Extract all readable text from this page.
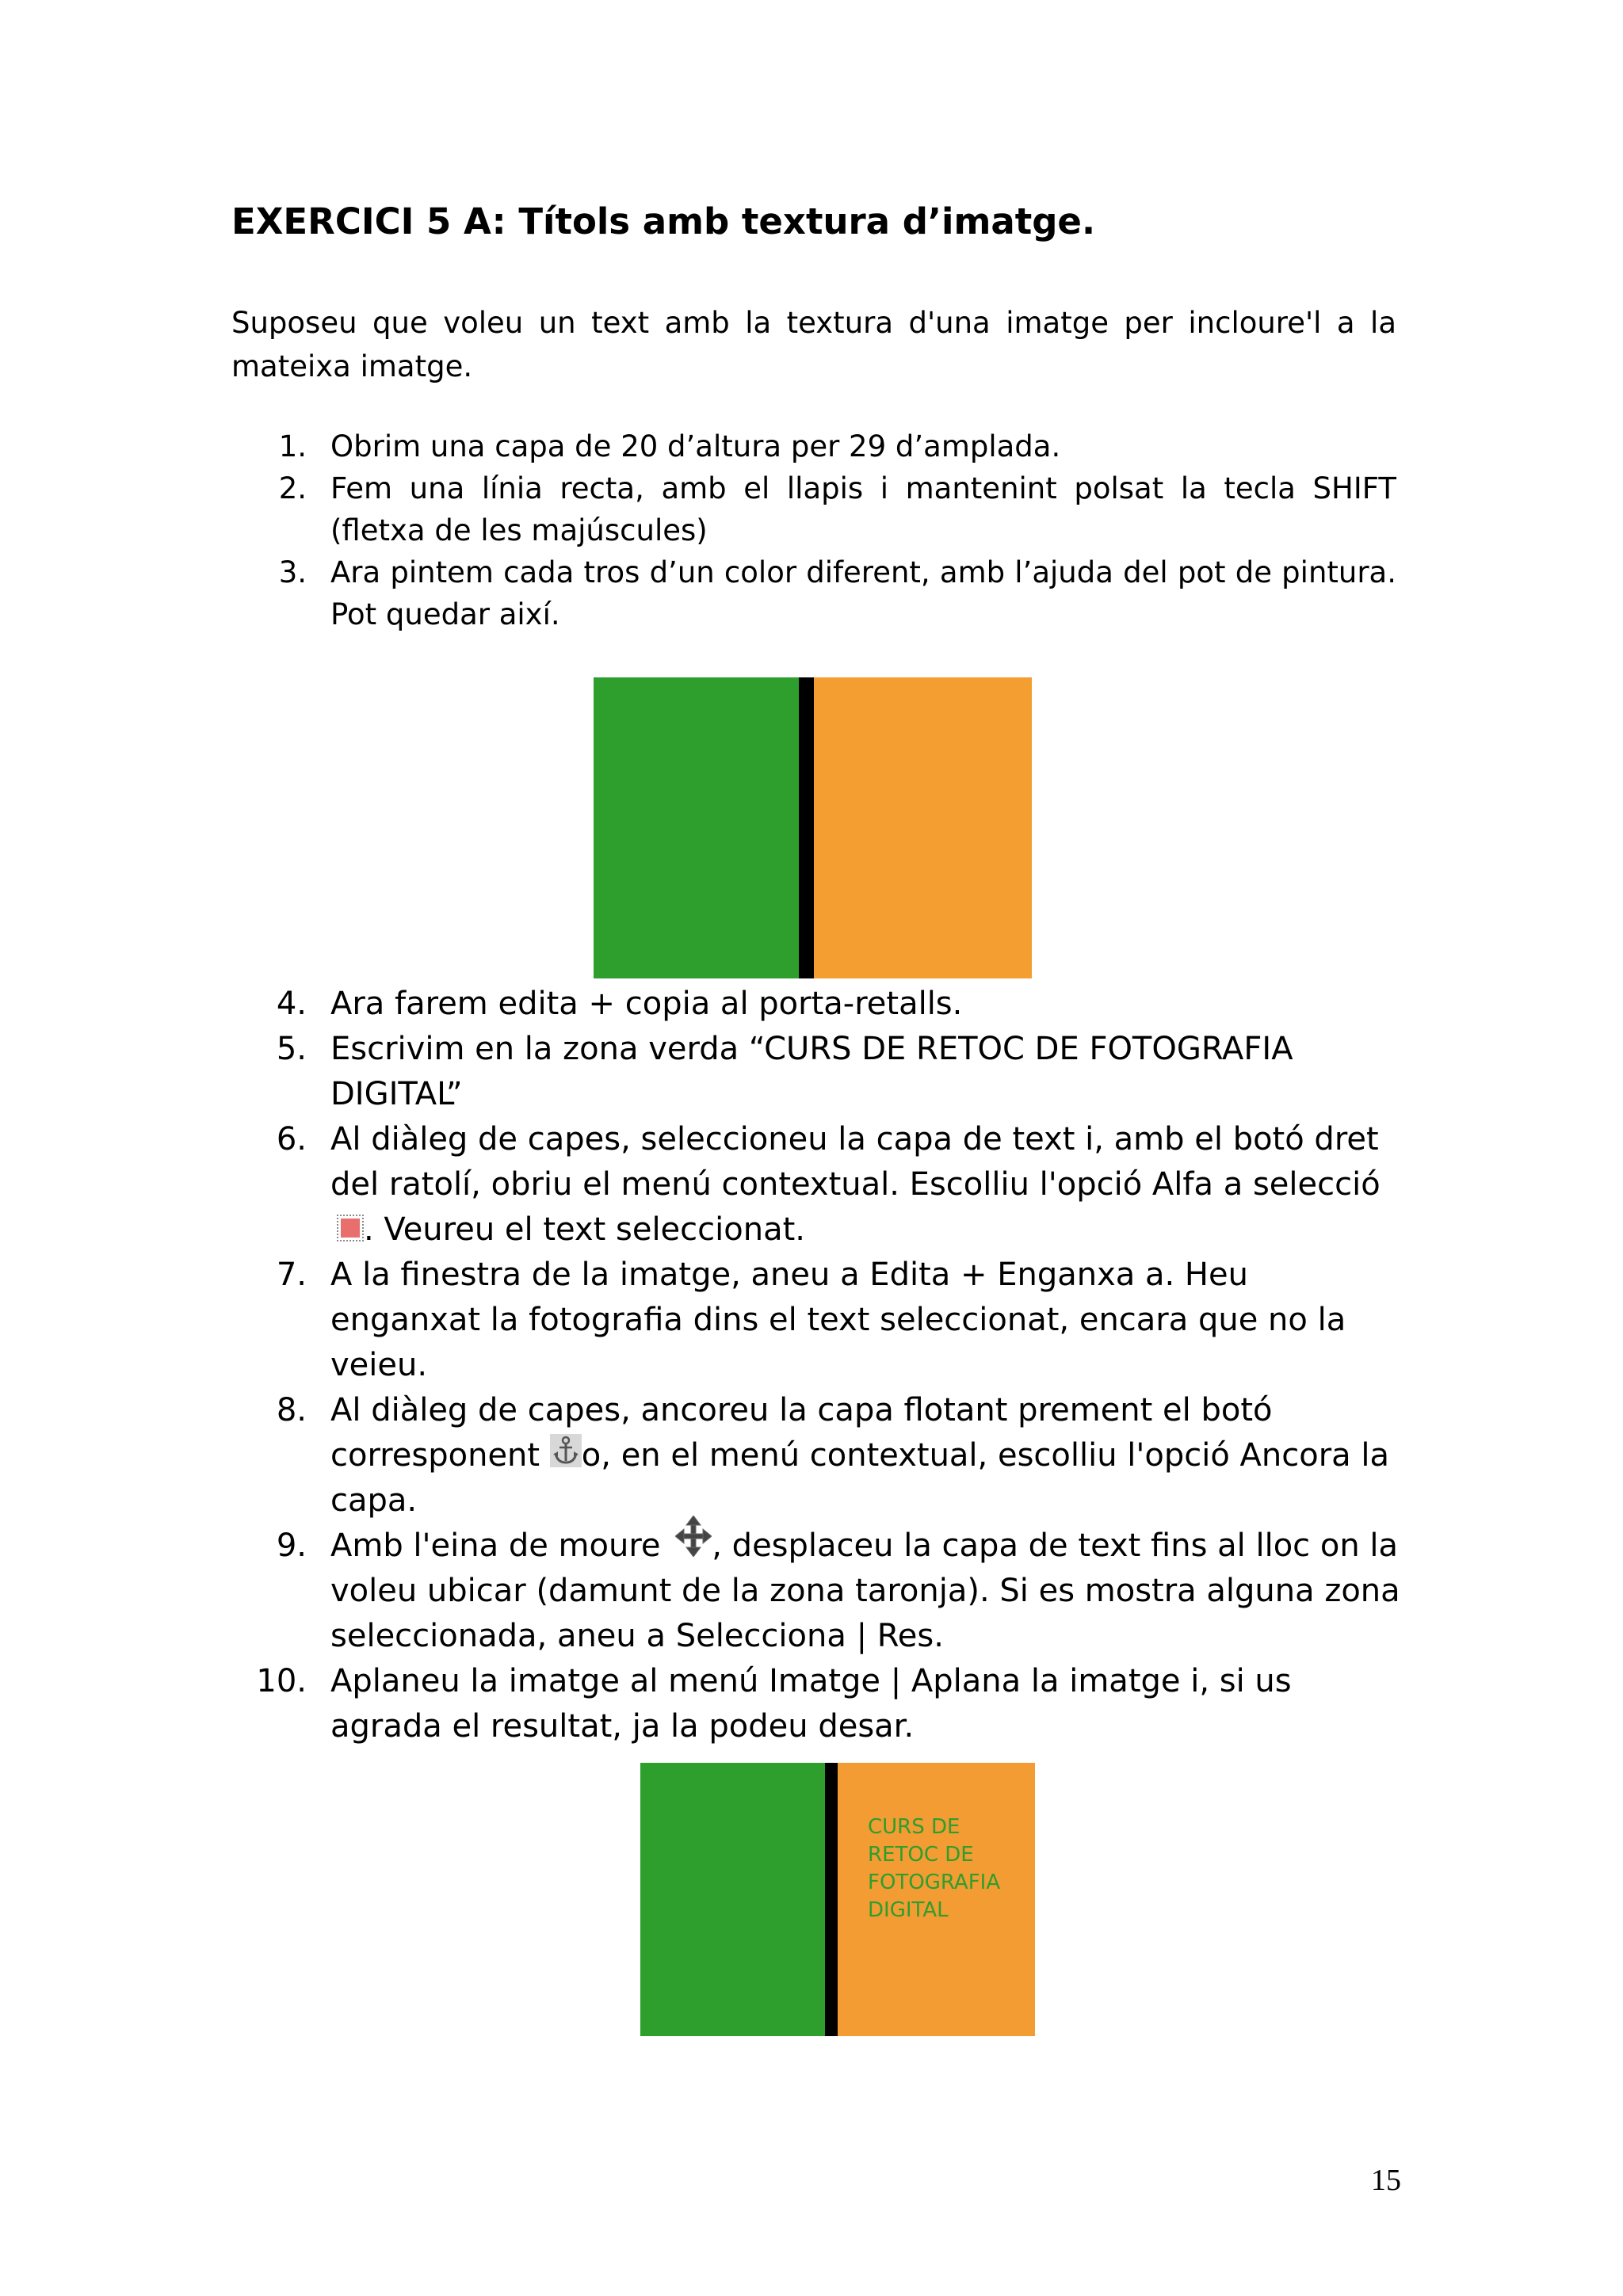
EXERCICI 5 A: Títols amb textura d’imatge.

Suposeu que voleu un text amb la textura d'una imatge per incloure'l a la mateixa imatge.

1. Obrim una capa de 20 d’altura per 29 d’amplada.
2. Fem una línia recta, amb el llapis i mantenint polsat la tecla SHIFT (fletxa de les majúscules)
3. Ara pintem cada tros d’un color diferent, amb l’ajuda del pot de pintura. Pot quedar així.
4. Ara farem edita + copia al porta-retalls.
5. Escrivim en la zona verda “CURS DE RETOC DE FOTOGRAFIA DIGITAL”
6. Al diàleg de capes, seleccioneu la capa de text i, amb el botó dret del ratolí, obriu el menú contextual. Escolliu l'opció Alfa a selecció . Veureu el text seleccionat.
7. A la finestra de la imatge, aneu a Edita + Enganxa a. Heu enganxat la fotografia dins el text seleccionat, encara que no la veieu.
8. Al diàleg de capes, ancoreu la capa flotant prement el botó corresponent o, en el menú contextual, escolliu l'opció Ancora la capa.
9. Amb l'eina de moure , desplaceu la capa de text fins al lloc on la voleu ubicar (damunt de la zona taronja). Si es mostra alguna zona seleccionada, aneu a Selecciona | Res.
10. Aplaneu la imatge al menú Imatge | Aplana la imatge i, si us agrada el resultat, ja la podeu desar.

CURS DE
RETOC DE
FOTOGRAFIA
DIGITAL

15
